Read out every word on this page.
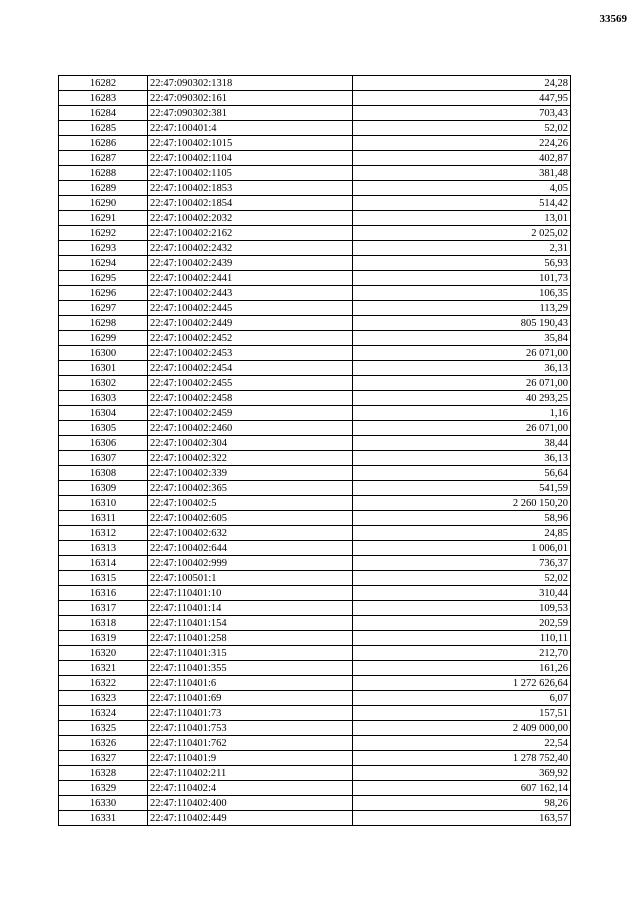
33569
16282	22:47:090302:1318	24,28
16283	22:47:090302:161	447,95
16284	22:47:090302:381	703,43
16285	22:47:100401:4	52,02
16286	22:47:100402:1015	224,26
16287	22:47:100402:1104	402,87
16288	22:47:100402:1105	381,48
16289	22:47:100402:1853	4,05
16290	22:47:100402:1854	514,42
16291	22:47:100402:2032	13,01
16292	22:47:100402:2162	2 025,02
16293	22:47:100402:2432	2,31
16294	22:47:100402:2439	56,93
16295	22:47:100402:2441	101,73
16296	22:47:100402:2443	106,35
16297	22:47:100402:2445	113,29
16298	22:47:100402:2449	805 190,43
16299	22:47:100402:2452	35,84
16300	22:47:100402:2453	26 071,00
16301	22:47:100402:2454	36,13
16302	22:47:100402:2455	26 071,00
16303	22:47:100402:2458	40 293,25
16304	22:47:100402:2459	1,16
16305	22:47:100402:2460	26 071,00
16306	22:47:100402:304	38,44
16307	22:47:100402:322	36,13
16308	22:47:100402:339	56,64
16309	22:47:100402:365	541,59
16310	22:47:100402:5	2 260 150,20
16311	22:47:100402:605	58,96
16312	22:47:100402:632	24,85
16313	22:47:100402:644	1 006,01
16314	22:47:100402:999	736,37
16315	22:47:100501:1	52,02
16316	22:47:110401:10	310,44
16317	22:47:110401:14	109,53
16318	22:47:110401:154	202,59
16319	22:47:110401:258	110,11
16320	22:47:110401:315	212,70
16321	22:47:110401:355	161,26
16322	22:47:110401:6	1 272 626,64
16323	22:47:110401:69	6,07
16324	22:47:110401:73	157,51
16325	22:47:110401:753	2 409 000,00
16326	22:47:110401:762	22,54
16327	22:47:110401:9	1 278 752,40
16328	22:47:110402:211	369,92
16329	22:47:110402:4	607 162,14
16330	22:47:110402:400	98,26
16331	22:47:110402:449	163,57
